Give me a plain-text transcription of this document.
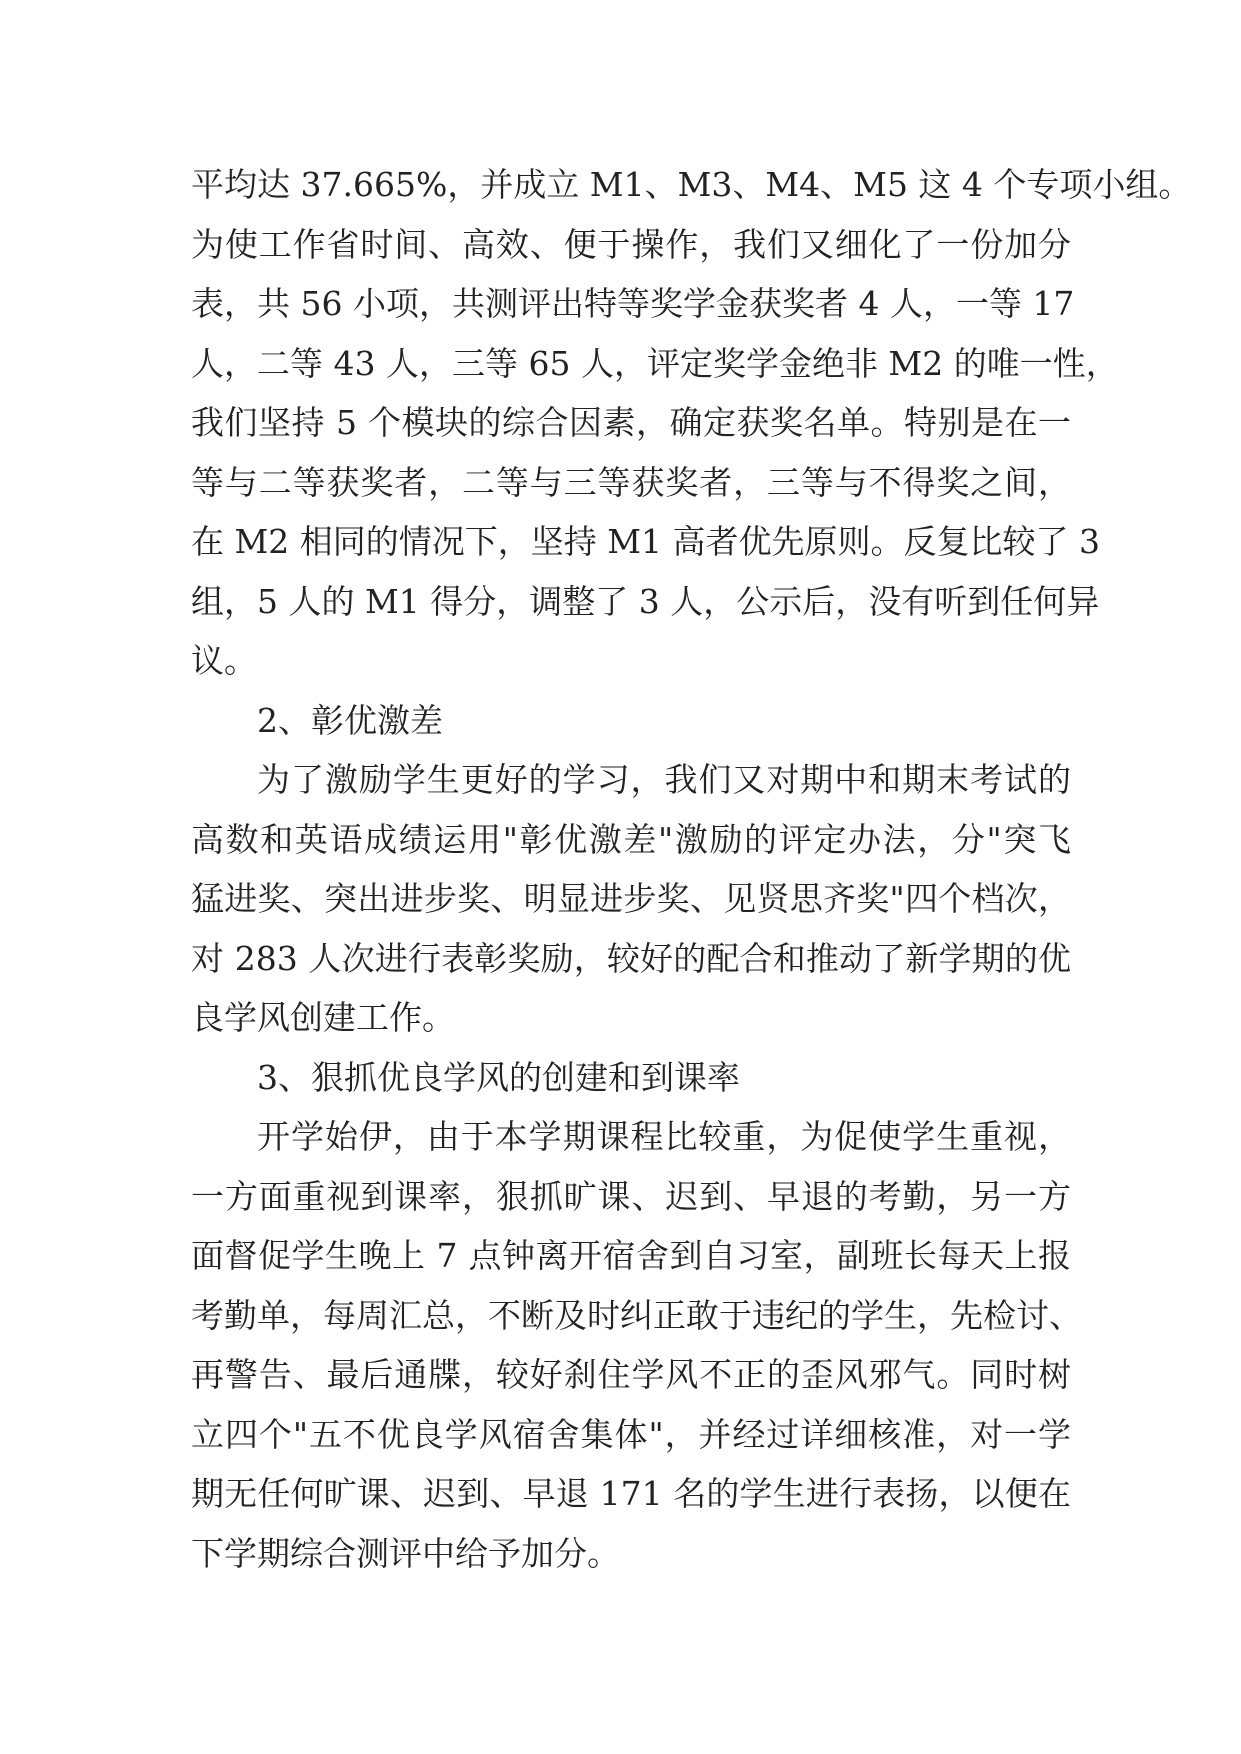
平均达 37.665%，并成立 M1、M3、M4、M5 这 4 个专项小组。
为使工作省时间、高效、便于操作，我们又细化了一份加分
表，共 56 小项，共测评出特等奖学金获奖者 4 人，一等 17
人，二等 43 人，三等 65 人，评定奖学金绝非 M2 的唯一性，
我们坚持 5 个模块的综合因素，确定获奖名单。特别是在一
等与二等获奖者，二等与三等获奖者，三等与不得奖之间，
在 M2 相同的情况下，坚持 M1 高者优先原则。反复比较了 3
组，5 人的 M1 得分，调整了 3 人，公示后，没有听到任何异
议。
2、彰优激差
为了激励学生更好的学习，我们又对期中和期末考试的
高数和英语成绩运用"彰优激差"激励的评定办法，分"突飞
猛进奖、突出进步奖、明显进步奖、见贤思齐奖"四个档次，
对 283 人次进行表彰奖励，较好的配合和推动了新学期的优
良学风创建工作。
3、狠抓优良学风的创建和到课率
开学始伊，由于本学期课程比较重，为促使学生重视，
一方面重视到课率，狠抓旷课、迟到、早退的考勤，另一方
面督促学生晚上 7 点钟离开宿舍到自习室，副班长每天上报
考勤单，每周汇总，不断及时纠正敢于违纪的学生，先检讨、
再警告、最后通牒，较好刹住学风不正的歪风邪气。同时树
立四个"五不优良学风宿舍集体"，并经过详细核准，对一学
期无任何旷课、迟到、早退 171 名的学生进行表扬，以便在
下学期综合测评中给予加分。
